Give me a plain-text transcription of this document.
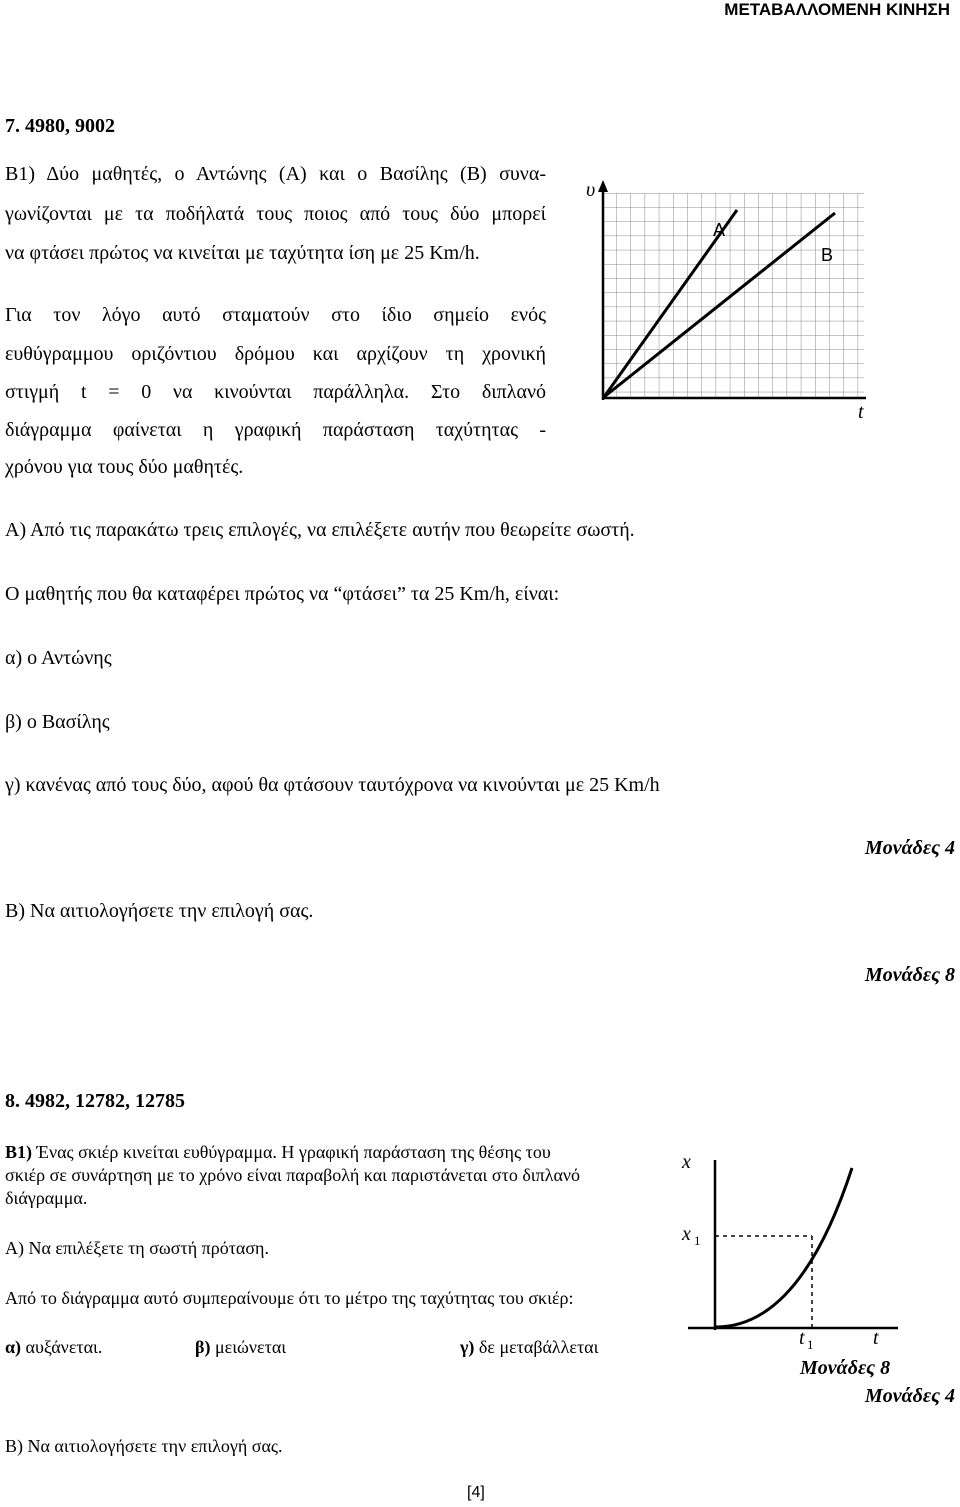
ΜΕΤΑΒΑΛΛΟΜΕΝΗ ΚΙΝΗΣΗ
7. 4980, 9002
Β1) Δύο μαθητές, ο Αντώνης (Α) και ο Βασίλης (Β) συνα-
γωνίζονται με τα ποδήλατά τους ποιος από τους δύο μπορεί
να φτάσει πρώτος να κινείται με ταχύτητα ίση με 25 Km/h.
Για τον λόγο αυτό σταματούν στο ίδιο σημείο ενός
ευθύγραμμου οριζόντιου δρόμου και αρχίζουν τη χρονική
στιγμή t = 0 να κινούνται παράλληλα. Στο διπλανό
διάγραμμα φαίνεται η γραφική παράσταση ταχύτητας -
χρόνου για τους δύο μαθητές.
υ
t
Α
Β
Α) Από τις παρακάτω τρεις επιλογές, να επιλέξετε αυτήν που θεωρείτε σωστή.
Ο μαθητής που θα καταφέρει πρώτος να “φτάσει” τα 25 Km/h, είναι:
α) ο Αντώνης
β) ο Βασίλης
γ) κανένας από τους δύο, αφού θα φτάσουν ταυτόχρονα να κινούνται με 25 Km/h
Μονάδες 4
Β) Να αιτιολογήσετε την επιλογή σας.
Μονάδες 8
8. 4982, 12782, 12785
Β1) Ένας σκιέρ κινείται ευθύγραμμα. Η γραφική παράσταση της θέσης του
σκιέρ σε συνάρτηση με το χρόνο είναι παραβολή και παριστάνεται στο διπλανό
διάγραμμα.
Α) Να επιλέξετε τη σωστή πρόταση.
Από το διάγραμμα αυτό συμπεραίνουμε ότι το μέτρο της ταχύτητας του σκιέρ:
α) αυξάνεται.	β) μειώνεται	γ) δε μεταβάλλεται
x
x 1
t 1	t
Μονάδες 8
Μονάδες 4
Β) Να αιτιολογήσετε την επιλογή σας.
[4]
